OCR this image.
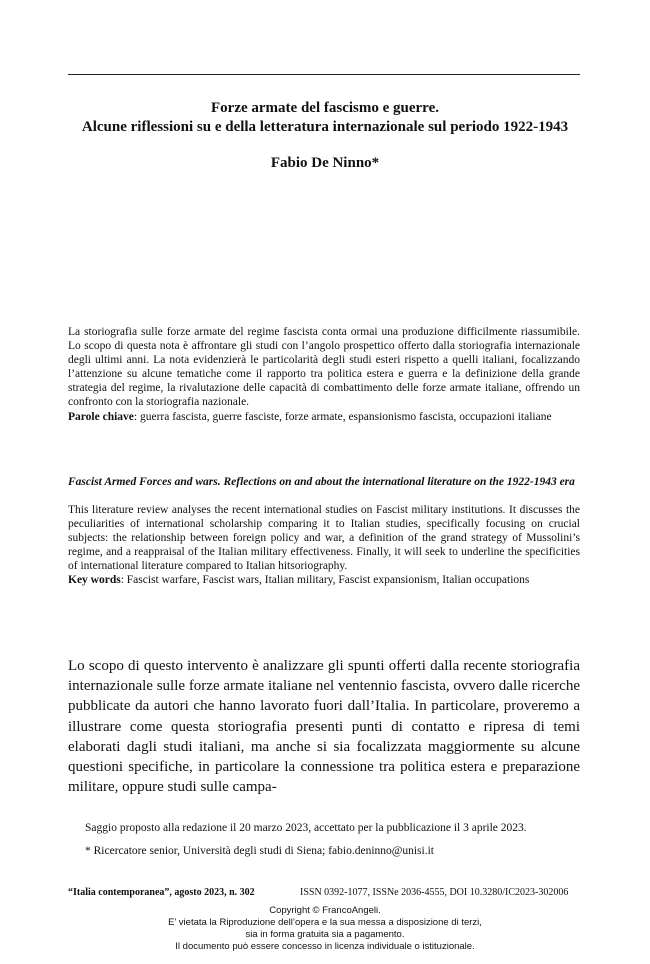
Forze armate del fascismo e guerre.
Alcune riflessioni su e della letteratura internazionale sul periodo 1922-1943
Fabio De Ninno*
La storiografia sulle forze armate del regime fascista conta ormai una produzione difficilmente riassumibile. Lo scopo di questa nota è affrontare gli studi con l’angolo prospettico offerto dalla storiografia internazionale degli ultimi anni. La nota evidenzierà le particolarità degli studi esteri rispetto a quelli italiani, focalizzando l’attenzione su alcune tematiche come il rapporto tra politica estera e guerra e la definizione della grande strategia del regime, la rivalutazione delle capacità di combattimento delle forze armate italiane, offrendo un confronto con la storiografia nazionale.
Parole chiave: guerra fascista, guerre fasciste, forze armate, espansionismo fascista, occupazioni italiane
Fascist Armed Forces and wars. Reflections on and about the international literature on the 1922-1943 era
This literature review analyses the recent international studies on Fascist military institutions. It discusses the peculiarities of international scholarship comparing it to Italian studies, specifically focusing on crucial subjects: the relationship between foreign policy and war, a definition of the grand strategy of Mussolini’s regime, and a reappraisal of the Italian military effectiveness. Finally, it will seek to underline the specificities of international literature compared to Italian hitsoriography.
Key words: Fascist warfare, Fascist wars, Italian military, Fascist expansionism, Italian occupations
Lo scopo di questo intervento è analizzare gli spunti offerti dalla recente storiografia internazionale sulle forze armate italiane nel ventennio fascista, ovvero dalle ricerche pubblicate da autori che hanno lavorato fuori dall’Italia. In particolare, proveremo a illustrare come questa storiografia presenti punti di contatto e ripresa di temi elaborati dagli studi italiani, ma anche si sia focalizzata maggiormente su alcune questioni specifiche, in particolare la connessione tra politica estera e preparazione militare, oppure studi sulle campa-
Saggio proposto alla redazione il 20 marzo 2023, accettato per la pubblicazione il 3 aprile 2023.
* Ricercatore senior, Università degli studi di Siena; fabio.deninno@unisi.it
“Italia contemporanea”, agosto 2023, n. 302	ISSN 0392-1077, ISSNe 2036-4555, DOI 10.3280/IC2023-302006
Copyright © FrancoAngeli.
E’ vietata la Riproduzione dell’opera e la sua messa a disposizione di terzi,
sia in forma gratuita sia a pagamento.
Il documento può essere concesso in licenza individuale o istituzionale.
